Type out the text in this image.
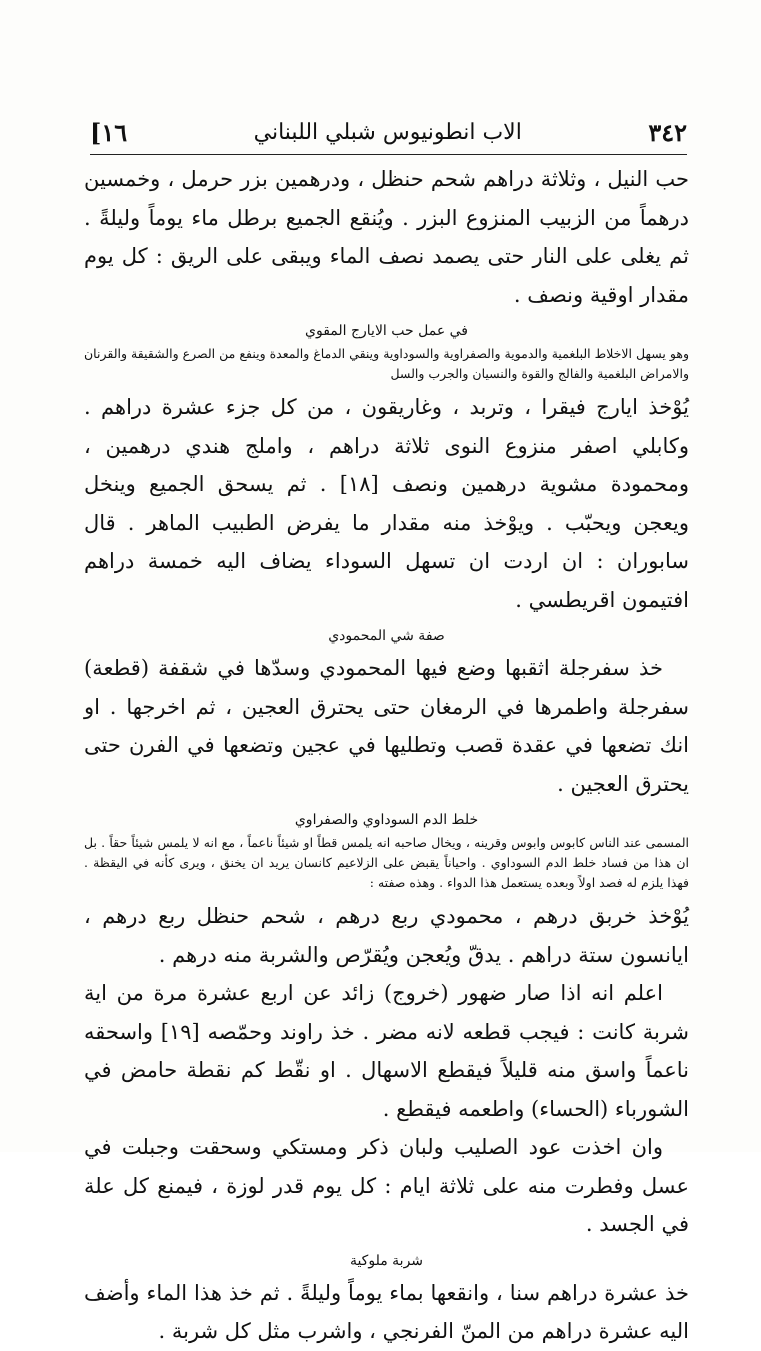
[١٦	الاب انطونيوس شبلي اللبناني	٣٤٢

حب النيل ، وثلاثة دراهم شحم حنظل ، ودرهمين بزر حرمل ، وخمسين درهماً من الزبيب المنزوع البزر . ويُنقع الجميع برطل ماء يوماً وليلةً . ثم يغلى على النار حتى يصمد نصف الماء ويبقى على الريق : كل يوم مقدار اوقية ونصف .

في عمل حب الايارج المقوي

وهو يسهل الاخلاط البلغمية والدموية والصفراوية والسوداوية وينقي الدماغ والمعدة وينفع من الصرع والشقيقة والقرنان والامراض البلغمية والفالج والقوة والنسيان والجرب والسل

يُوْخذ ايارج فيقرا ، وتربد ، وغاريقون ، من كل جزء عشرة دراهم . وكابلي اصفر منزوع النوى ثلاثة دراهم ، واملج هندي درهمين ، ومحمودة مشوية درهمين ونصف [١٨] . ثم يسحق الجميع وينخل ويعجن ويحبّب . ويوْخذ منه مقدار ما يفرض الطبيب الماهر . قال سابوران : ان اردت ان تسهل السوداء يضاف اليه خمسة دراهم افتيمون اقريطسي .

صفة شي المحمودي

خذ سفرجلة اثقبها وضع فيها المحمودي وسدّها في شقفة (قطعة) سفرجلة واطمرها في الرمغان حتى يحترق العجين ، ثم اخرجها . او انك تضعها في عقدة قصب وتطليها في عجين وتضعها في الفرن حتى يحترق العجين .

خلط الدم السوداوي والصفراوي

المسمى عند الناس كابوس وابوس وقرينه ، ويخال صاحبه انه يلمس قطاً او شيئاً ناعماً ، مع انه لا يلمس شيئاً حقاً . بل ان هذا من فساد خلط الدم السوداوي . واحياناً يقبض على الزلاعيم كانسان يريد ان يخنق ، ويرى كأنه في اليقظة . فهذا يلزم له فصد اولاً وبعده يستعمل هذا الدواء . وهذه صفته :

يُوْخذ خربق درهم ، محمودي ربع درهم ، شحم حنظل ربع درهم ، ايانسون ستة دراهم . يدقّ ويُعجن ويُقرّص والشربة منه درهم .

اعلم انه اذا صار ضهور (خروج) زائد عن اربع عشرة مرة من اية شربة كانت : فيجب قطعه لانه مضر . خذ راوند وحمّصه [١٩] واسحقه ناعماً واسق منه قليلاً فيقطع الاسهال . او نقّط كم نقطة حامض في الشورباء (الحساء) واطعمه فيقطع .

وان اخذت عود الصليب ولبان ذكر ومستكي وسحقت وجبلت في عسل وفطرت منه على ثلاثة ايام : كل يوم قدر لوزة ، فيمنع كل علة في الجسد .

شربة ملوكية

خذ عشرة دراهم سنا ، وانقعها بماء يوماً وليلةً . ثم خذ هذا الماء وأضف اليه عشرة دراهم من المنّ الفرنجي ، واشرب مثل كل شربة .
